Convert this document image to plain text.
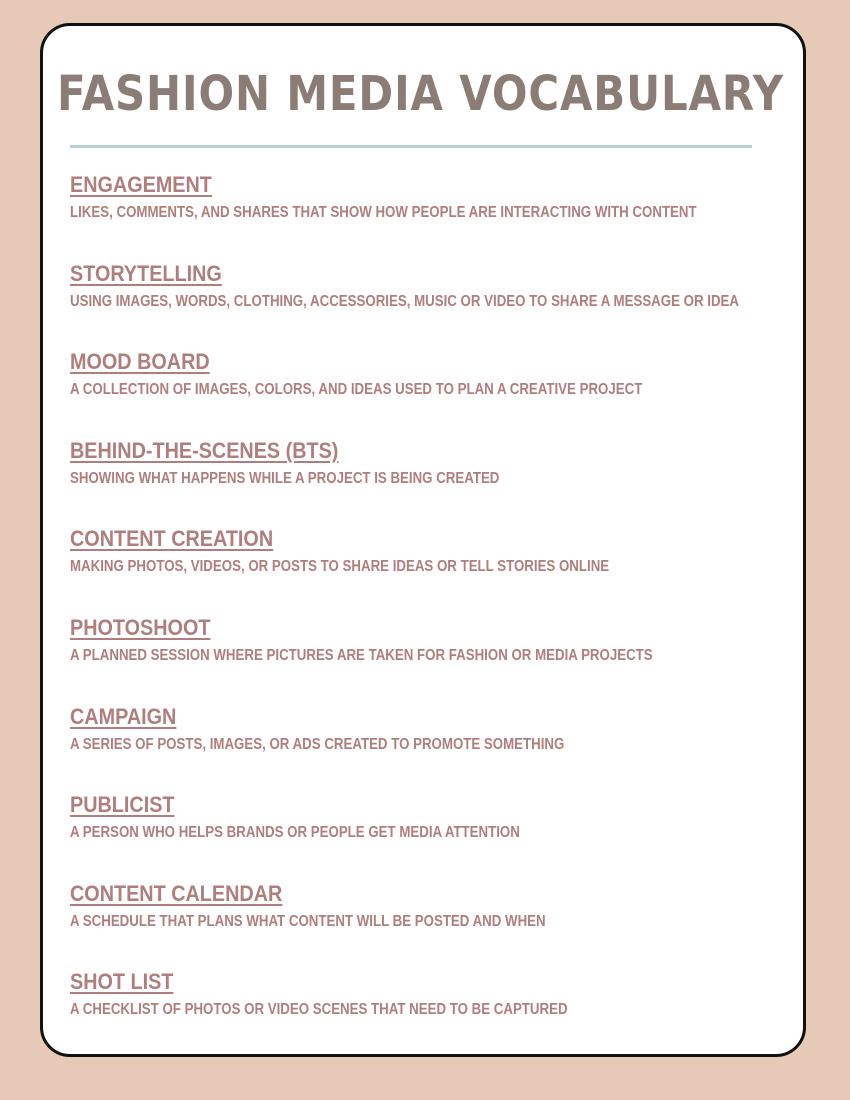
FASHION MEDIA VOCABULARY
ENGAGEMENT
LIKES, COMMENTS, AND SHARES THAT SHOW HOW PEOPLE ARE INTERACTING WITH CONTENT
STORYTELLING
USING IMAGES, WORDS, CLOTHING, ACCESSORIES, MUSIC OR VIDEO TO SHARE A MESSAGE OR IDEA
MOOD BOARD
A COLLECTION OF IMAGES, COLORS, AND IDEAS USED TO PLAN A CREATIVE PROJECT
BEHIND-THE-SCENES (BTS)
SHOWING WHAT HAPPENS WHILE A PROJECT IS BEING CREATED
CONTENT CREATION
MAKING PHOTOS, VIDEOS, OR POSTS TO SHARE IDEAS OR TELL STORIES ONLINE
PHOTOSHOOT
A PLANNED SESSION WHERE PICTURES ARE TAKEN FOR FASHION OR MEDIA PROJECTS
CAMPAIGN
A SERIES OF POSTS, IMAGES, OR ADS CREATED TO PROMOTE SOMETHING
PUBLICIST
A PERSON WHO HELPS BRANDS OR PEOPLE GET MEDIA ATTENTION
CONTENT CALENDAR
A SCHEDULE THAT PLANS WHAT CONTENT WILL BE POSTED AND WHEN
SHOT LIST
A CHECKLIST OF PHOTOS OR VIDEO SCENES THAT NEED TO BE CAPTURED
